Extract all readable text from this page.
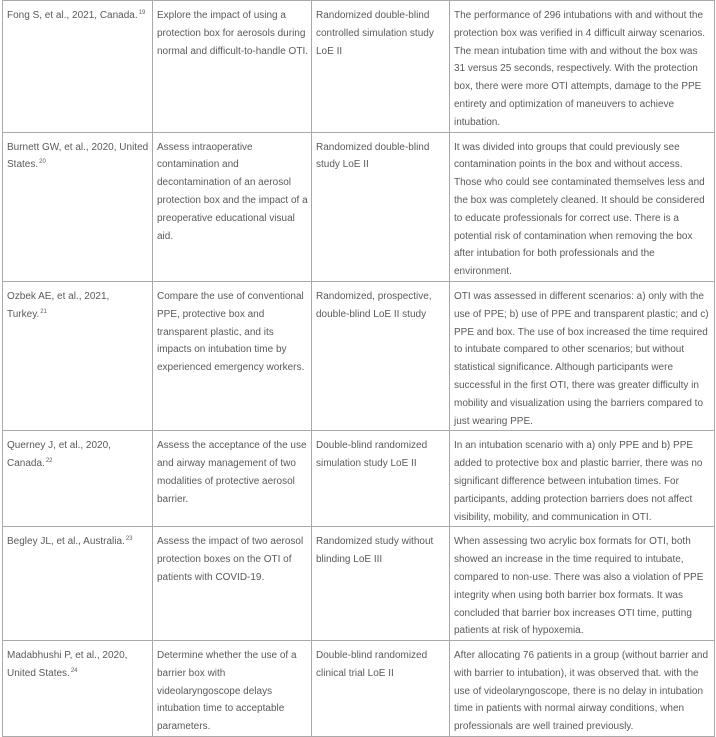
Fong S, et al., 2021, Canada.$^{19}$	Explore the impact of using a protection box for aerosols during normal and difficult-to-handle OTI.	Randomized double-blind controlled simulation study LoE II	The performance of 296 intubations with and without the protection box was verified in 4 difficult airway scenarios. The mean intubation time with and without the box was 31 versus 25 seconds, respectively. With the protection box, there were more OTI attempts, damage to the PPE entirety and optimization of maneuvers to achieve intubation.
Burnett GW, et al., 2020, United States.$^{20}$	Assess intraoperative contamination and decontamination of an aerosol protection box and the impact of a preoperative educational visual aid.	Randomized double-blind study LoE II	It was divided into groups that could previously see contamination points in the box and without access. Those who could see contaminated themselves less and the box was completely cleaned. It should be considered to educate professionals for correct use. There is a potential risk of contamination when removing the box after intubation for both professionals and the environment.
Ozbek AE, et al., 2021, Turkey.$^{21}$	Compare the use of conventional PPE, protective box and transparent plastic, and its impacts on intubation time by experienced emergency workers.	Randomized, prospective, double-blind LoE II study	OTI was assessed in different scenarios: a) only with the use of PPE; b) use of PPE and transparent plastic; and c) PPE and box. The use of box increased the time required to intubate compared to other scenarios; but without statistical significance. Although participants were successful in the first OTI, there was greater difficulty in mobility and visualization using the barriers compared to just wearing PPE.
Querney J, et al., 2020, Canada.$^{22}$	Assess the acceptance of the use and airway management of two modalities of protective aerosol barrier.	Double-blind randomized simulation study LoE II	In an intubation scenario with a) only PPE and b) PPE added to protective box and plastic barrier, there was no significant difference between intubation times. For participants, adding protection barriers does not affect visibility, mobility, and communication in OTI.
Begley JL, et al., Australia.$^{23}$	Assess the impact of two aerosol protection boxes on the OTI of patients with COVID-19.	Randomized study without blinding LoE III	When assessing two acrylic box formats for OTI, both showed an increase in the time required to intubate, compared to non-use. There was also a violation of PPE integrity when using both barrier box formats. It was concluded that barrier box increases OTI time, putting patients at risk of hypoxemia.
Madabhushi P, et al., 2020, United States.$^{24}$	Determine whether the use of a barrier box with videolaryngoscope delays intubation time to acceptable parameters.	Double-blind randomized clinical trial LoE II	After allocating 76 patients in a group (without barrier and with barrier to intubation), it was observed that. with the use of videolaryngoscope, there is no delay in intubation time in patients with normal airway conditions, when professionals are well trained previously.
